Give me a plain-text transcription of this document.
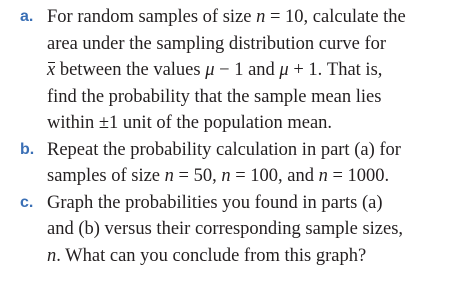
a. For random samples of size n = 10, calculate the
area under the sampling distribution curve for
x between the values μ − 1 and μ + 1. That is,
find the probability that the sample mean lies
within ±1 unit of the population mean.
b. Repeat the probability calculation in part (a) for
samples of size n = 50, n = 100, and n = 1000.
c. Graph the probabilities you found in parts (a)
and (b) versus their corresponding sample sizes,
n. What can you conclude from this graph?
